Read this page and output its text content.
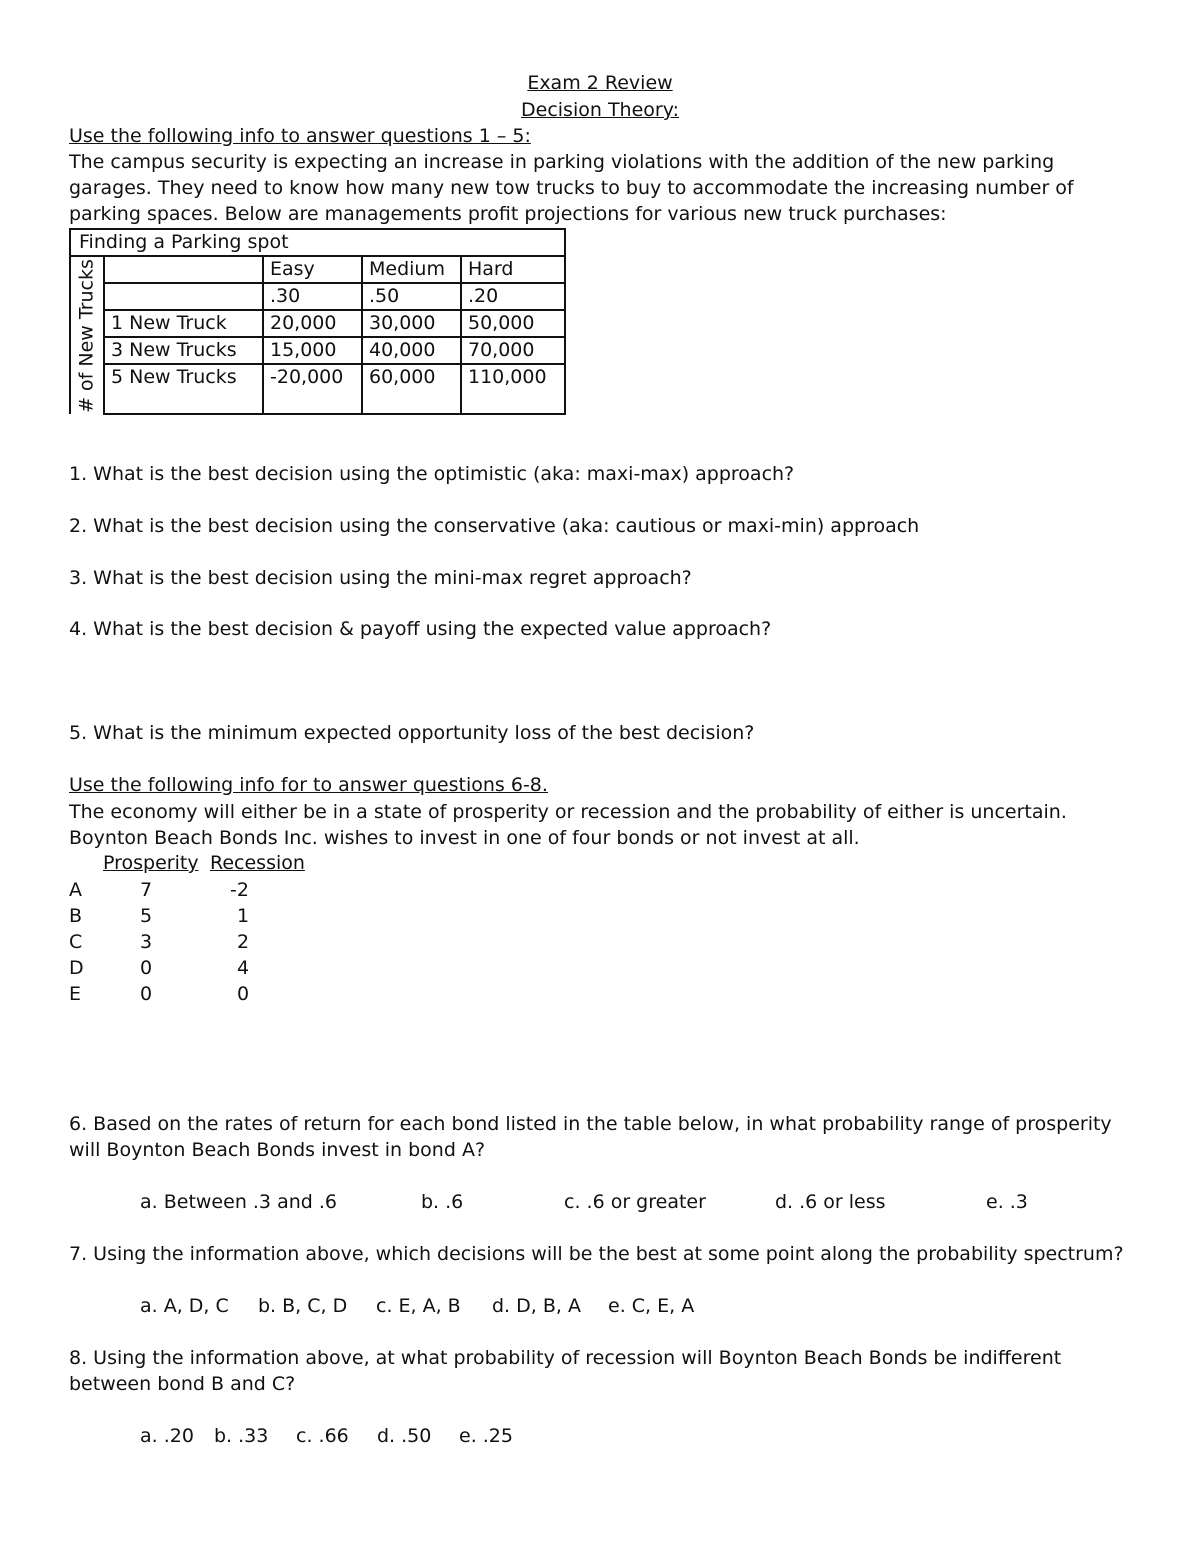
Exam 2 Review
Decision Theory:
Use the following info to answer questions 1 – 5:
The campus security is expecting an increase in parking violations with the addition of the new parking
garages. They need to know how many new tow trucks to buy to accommodate the increasing number of
parking spaces. Below are managements profit projections for various new truck purchases:
Finding a Parking spot				

# of New Trucks		Easy	Medium	Hard
		.30	.50	.20
	1 New Truck	20,000	30,000	50,000
	3 New Trucks	15,000	40,000	70,000
	5 New Trucks	-20,000	60,000	110,000
1. What is the best decision using the optimistic (aka: maxi-max) approach?
2. What is the best decision using the conservative (aka: cautious or maxi-min) approach
3. What is the best decision using the mini-max regret approach?
4. What is the best decision & payoff using the expected value approach?
5. What is the minimum expected opportunity loss of the best decision?
Use the following info for to answer questions 6-8.
The economy will either be in a state of prosperity or recession and the probability of either is uncertain.
Boynton Beach Bonds Inc. wishes to invest in one of four bonds or not invest at all.
Prosperity Recession
A	7	-2
B	5	1
C	3	2
D	0	4
E	0	0
6. Based on the rates of return for each bond listed in the table below, in what probability range of prosperity
will Boynton Beach Bonds invest in bond A?
a. Between .3 and .6	b. .6	c. .6 or greater	d. .6 or less	e. .3
7. Using the information above, which decisions will be the best at some point along the probability spectrum?
a. A, D, C b. B, C, D c. E, A, B d. D, B, A e. C, E, A
8. Using the information above, at what probability of recession will Boynton Beach Bonds be indifferent
between bond B and C?
a. .20 b. .33 c. .66 d. .50 e. .25
